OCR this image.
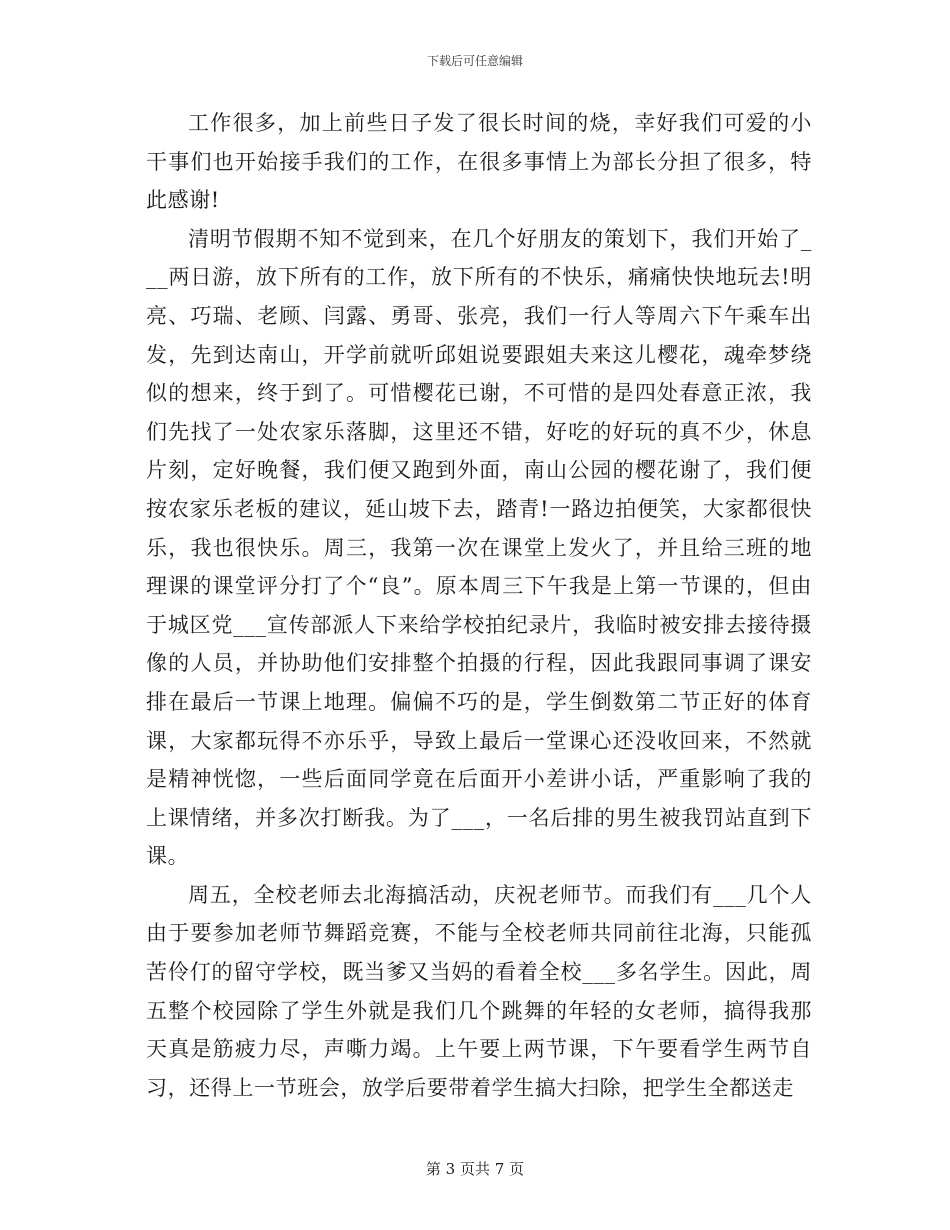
下载后可任意编辑

工作很多，加上前些日子发了很长时间的烧，幸好我们可爱的小干事们也开始接手我们的工作，在很多事情上为部长分担了很多，特此感谢!

清明节假期不知不觉到来，在几个好朋友的策划下，我们开始了___两日游，放下所有的工作，放下所有的不快乐，痛痛快快地玩去!明亮、巧瑞、老顾、闫露、勇哥、张亮，我们一行人等周六下午乘车出发，先到达南山，开学前就听邱姐说要跟姐夫来这儿樱花，魂牵梦绕似的想来，终于到了。可惜樱花已谢，不可惜的是四处春意正浓，我们先找了一处农家乐落脚，这里还不错，好吃的好玩的真不少，休息片刻，定好晚餐，我们便又跑到外面，南山公园的樱花谢了，我们便按农家乐老板的建议，延山坡下去，踏青!一路边拍便笑，大家都很快乐，我也很快乐。周三，我第一次在课堂上发火了，并且给三班的地理课的课堂评分打了个“良”。原本周三下午我是上第一节课的，但由于城区党___宣传部派人下来给学校拍纪录片，我临时被安排去接待摄像的人员，并协助他们安排整个拍摄的行程，因此我跟同事调了课安排在最后一节课上地理。偏偏不巧的是，学生倒数第二节正好的体育课，大家都玩得不亦乐乎，导致上最后一堂课心还没收回来，不然就是精神恍惚，一些后面同学竟在后面开小差讲小话，严重影响了我的上课情绪，并多次打断我。为了___，一名后排的男生被我罚站直到下课。

周五，全校老师去北海搞活动，庆祝老师节。而我们有___几个人由于要参加老师节舞蹈竞赛，不能与全校老师共同前往北海，只能孤苦伶仃的留守学校，既当爹又当妈的看着全校___多名学生。因此，周五整个校园除了学生外就是我们几个跳舞的年轻的女老师，搞得我那天真是筋疲力尽，声嘶力竭。上午要上两节课，下午要看学生两节自习，还得上一节班会，放学后要带着学生搞大扫除，把学生全都送走

第 3 页共 7 页
